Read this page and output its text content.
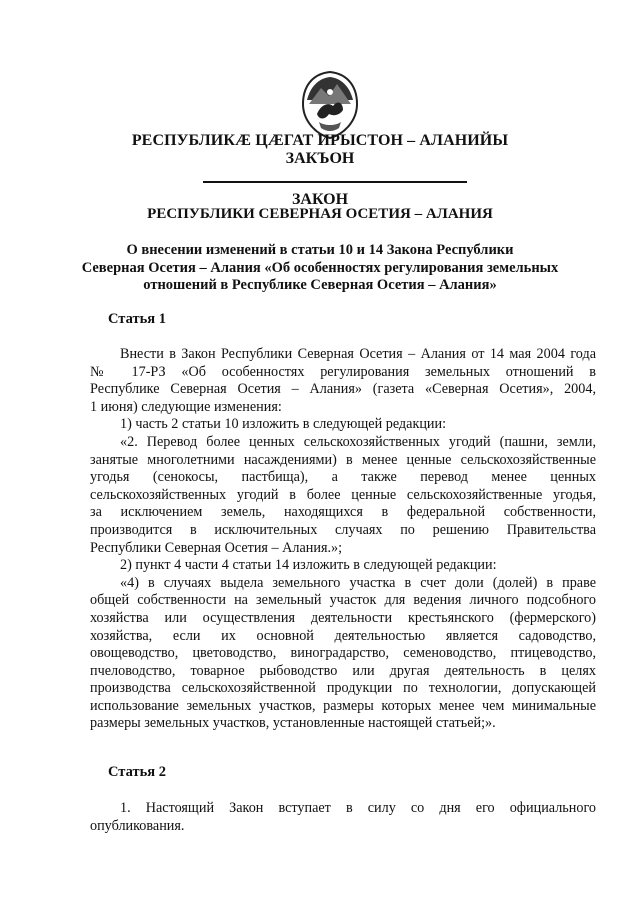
РЕСПУБЛИКÆ ЦÆГАТ ИРЫСТОН – АЛАНИЙЫ
ЗАКЪОН
ЗАКОН
РЕСПУБЛИКИ СЕВЕРНАЯ ОСЕТИЯ – АЛАНИЯ
О внесении изменений в статьи 10 и 14 Закона Республики
Северная Осетия – Алания «Об особенностях регулирования земельных
отношений в Республике Северная Осетия – Алания»
Статья 1
Внести в Закон Республики Северная Осетия – Алания от 14 мая 2004 года
№ 17-РЗ «Об особенностях регулирования земельных отношений в
Республике Северная Осетия – Алания» (газета «Северная Осетия», 2004,
1 июня) следующие изменения:
1) часть 2 статьи 10 изложить в следующей редакции:
«2. Перевод более ценных сельскохозяйственных угодий (пашни, земли,
занятые многолетними насаждениями) в менее ценные сельскохозяйственные
угодья (сенокосы, пастбища), а также перевод менее ценных
сельскохозяйственных угодий в более ценные сельскохозяйственные угодья,
за исключением земель, находящихся в федеральной собственности,
производится в исключительных случаях по решению Правительства
Республики Северная Осетия – Алания.»;
2) пункт 4 части 4 статьи 14 изложить в следующей редакции:
«4) в случаях выдела земельного участка в счет доли (долей) в праве
общей собственности на земельный участок для ведения личного подсобного
хозяйства или осуществления деятельности крестьянского (фермерского)
хозяйства, если их основной деятельностью является садоводство,
овощеводство, цветоводство, виноградарство, семеноводство, птицеводство,
пчеловодство, товарное рыбоводство или другая деятельность в целях
производства сельскохозяйственной продукции по технологии, допускающей
использование земельных участков, размеры которых менее чем минимальные
размеры земельных участков, установленные настоящей статьей;».
Статья 2
1. Настоящий Закон вступает в силу со дня его официального
опубликования.
